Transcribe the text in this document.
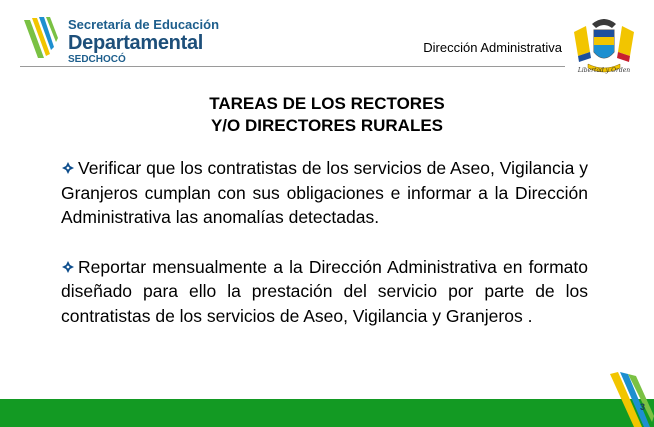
Secretaría de Educación
Departamental
SEDCHOCÓ
Dirección Administrativa
Libertad y Orden
TAREAS DE LOS RECTORES
Y/O DIRECTORES RURALES

Verificar que los contratistas de los servicios de Aseo, Vigilancia y Granjeros cumplan con sus obligaciones e informar a la Dirección Administrativa las anomalías detectadas.

Reportar mensualmente a la Dirección Administrativa en formato diseñado para ello la prestación del servicio por parte de los contratistas de los servicios de Aseo, Vigilancia y Granjeros .

3
